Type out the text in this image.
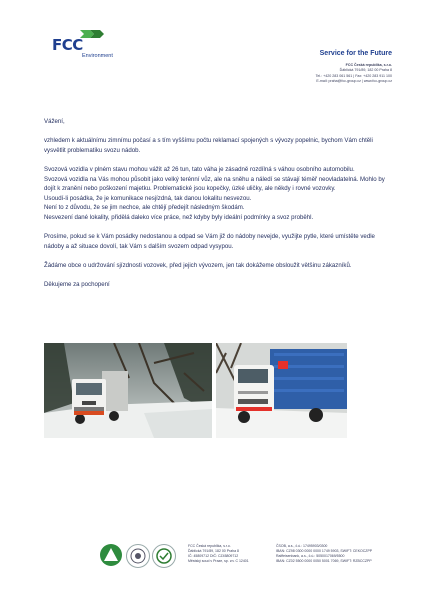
FCC
Environment	Service for the Future
FCC Česká republika, s.r.o.
Ďáblická 791/89, 182 00 Praha 8
Tel.: +420 283 061 561 | Fax: +420 283 911 100
E-mail: praha@fcc-group.cz | www.fcc-group.cz

Vážení,

vzhledem k aktuálnímu zimnímu počasí a s tím vyššímu počtu reklamací spojených s vývozy popelnic, bychom Vám chtěli vysvětlit problematiku svozu nádob.

Svozová vozidla v plném stavu mohou vážit až 26 tun, tato váha je zásadně rozdílná s váhou osobního automobilu.

Svozová vozidla na Vás mohou působit jako velký terénní vůz, ale na sněhu a náledí se stávají téměř neovladatelná. Mohlo by dojít k zranění nebo poškození majetku. Problematické jsou kopečky, úzké uličky, ale někdy i rovné vozovky.

Usoudí-li posádka, že je komunikace nesjízdná, tak danou lokalitu nesvezou.

Není to z důvodu, že se jim nechce, ale chtějí předejít následným škodám.

Nesvezení dané lokality, přidělá daleko více práce, než kdyby byly ideální podmínky a svoz proběhl.

Prosíme, pokud se k Vám posádky nedostanou a odpad se Vám již do nádoby nevejde, využijte pytle, které umístěte vedle nádoby a až situace dovolí, tak Vám s dalším svozem odpad vysypou.

Žádáme obce o udržování sjízdnosti vozovek, před jejich vývozem, jen tak dokážeme obsloužit většinu zákazníků.

Děkujeme za pochopení

FCC Česká republika, s.r.o.
Ďáblická 791/89, 182 00 Praha 8
IČ: 45809712 DIČ: CZ45809712
Městský soud v Praze, sp. zn. C 12401
ČSOB, a.s., č.ú.: 17495903/0300
IBAN: CZ98 0300 0000 0000 1749 5903, SWIFT: CEKOCZPP
Raiffeisenbank, a.s., č.ú.: 5050017069/5500
IBAN: CZ02 5500 0000 0050 5001 7069, SWIFT: RZBCCZPP
